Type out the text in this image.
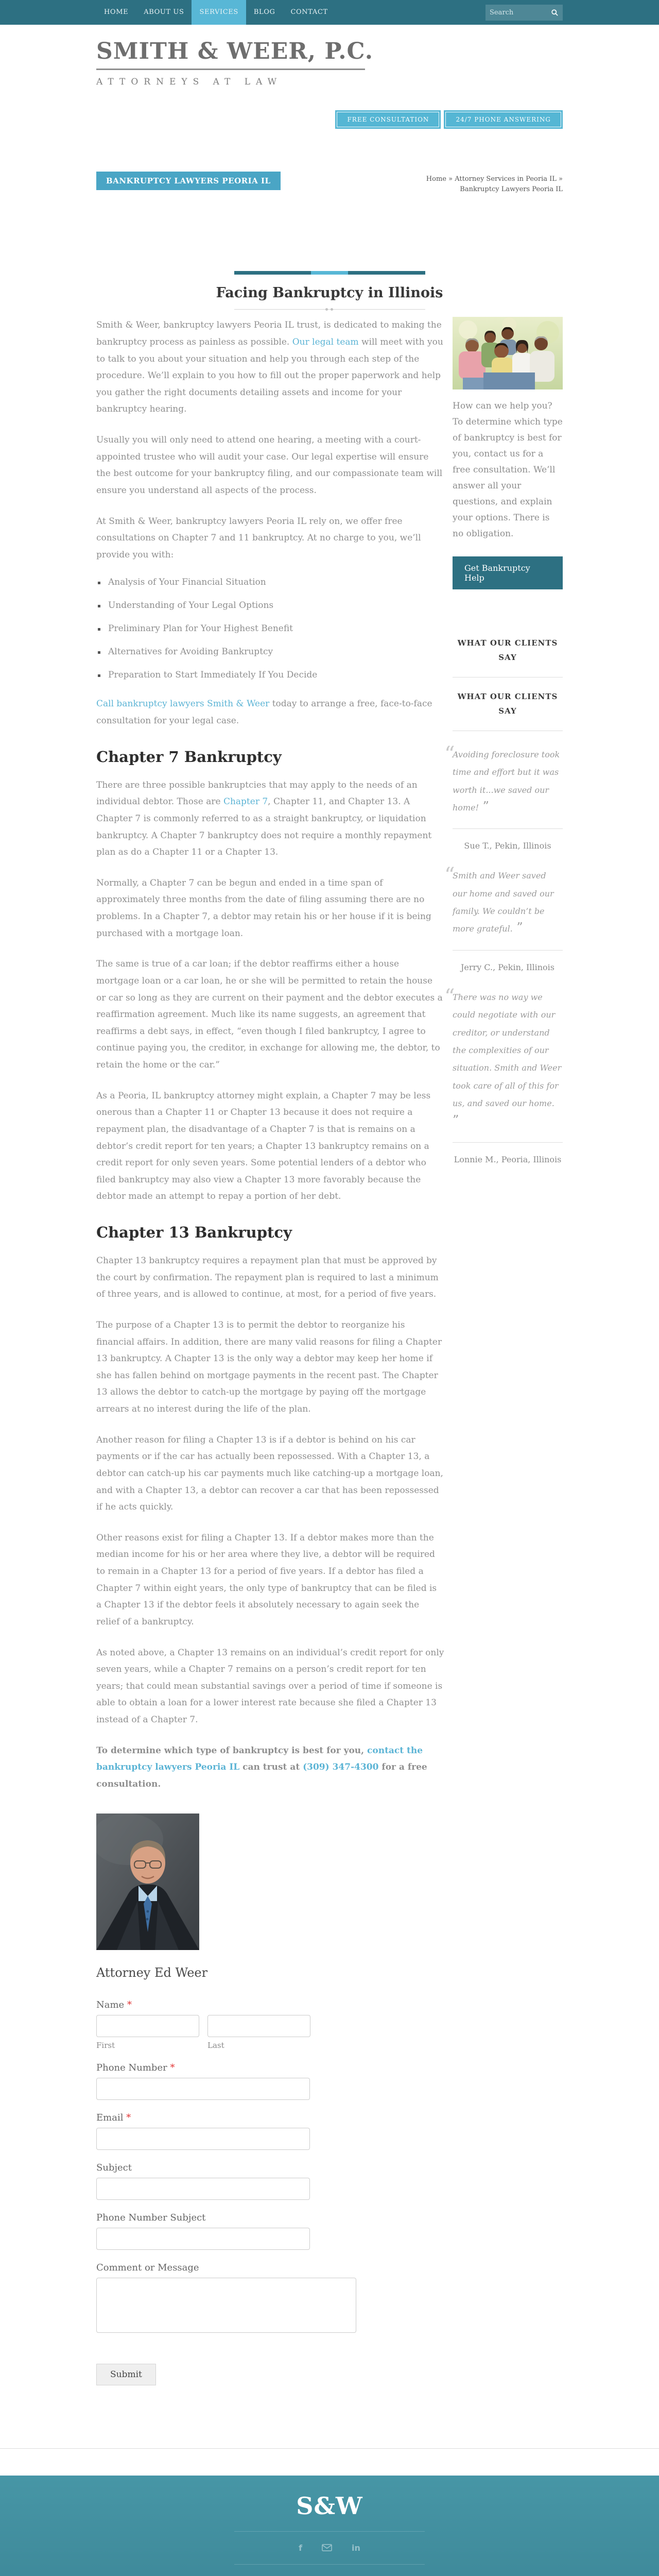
HOME	ABOUT US	SERVICES	BLOG	CONTACT
Search
SMITH & WEER, P.C.
ATTORNEYS AT LAW
FREE CONSULTATION	24/7 PHONE ANSWERING
BANKRUPTCY LAWYERS PEORIA IL	Home » Attorney Services in Peoria IL » Bankruptcy Lawyers Peoria IL
Facing Bankruptcy in Illinois

Smith & Weer, bankruptcy lawyers Peoria IL trust, is dedicated to making the bankruptcy process as painless as possible. Our legal team will meet with you to talk to you about your situation and help you through each step of the procedure. We’ll explain to you how to fill out the proper paperwork and help you gather the right documents detailing assets and income for your bankruptcy hearing.

Usually you will only need to attend one hearing, a meeting with a court-appointed trustee who will audit your case. Our legal expertise will ensure the best outcome for your bankruptcy filing, and our compassionate team will ensure you understand all aspects of the process.

At Smith & Weer, bankruptcy lawyers Peoria IL rely on, we offer free consultations on Chapter 7 and 11 bankruptcy. At no charge to you, we’ll provide you with:

Analysis of Your Financial Situation
Understanding of Your Legal Options
Preliminary Plan for Your Highest Benefit
Alternatives for Avoiding Bankruptcy
Preparation to Start Immediately If You Decide

Call bankruptcy lawyers Smith & Weer today to arrange a free, face-to-face consultation for your legal case.

Chapter 7 Bankruptcy

There are three possible bankruptcies that may apply to the needs of an individual debtor. Those are Chapter 7, Chapter 11, and Chapter 13. A Chapter 7 is commonly referred to as a straight bankruptcy, or liquidation bankruptcy. A Chapter 7 bankruptcy does not require a monthly repayment plan as do a Chapter 11 or a Chapter 13.

Normally, a Chapter 7 can be begun and ended in a time span of approximately three months from the date of filing assuming there are no problems. In a Chapter 7, a debtor may retain his or her house if it is being purchased with a mortgage loan.

The same is true of a car loan; if the debtor reaffirms either a house mortgage loan or a car loan, he or she will be permitted to retain the house or car so long as they are current on their payment and the debtor executes a reaffirmation agreement. Much like its name suggests, an agreement that reaffirms a debt says, in effect, “even though I filed bankruptcy, I agree to continue paying you, the creditor, in exchange for allowing me, the debtor, to retain the home or the car.”

As a Peoria, IL bankruptcy attorney might explain, a Chapter 7 may be less onerous than a Chapter 11 or Chapter 13 because it does not require a repayment plan, the disadvantage of a Chapter 7 is that is remains on a debtor’s credit report for ten years; a Chapter 13 bankruptcy remains on a credit report for only seven years. Some potential lenders of a debtor who filed bankruptcy may also view a Chapter 13 more favorably because the debtor made an attempt to repay a portion of her debt.

Chapter 13 Bankruptcy

Chapter 13 bankruptcy requires a repayment plan that must be approved by the court by confirmation. The repayment plan is required to last a minimum of three years, and is allowed to continue, at most, for a period of five years.

The purpose of a Chapter 13 is to permit the debtor to reorganize his financial affairs. In addition, there are many valid reasons for filing a Chapter 13 bankruptcy. A Chapter 13 is the only way a debtor may keep her home if she has fallen behind on mortgage payments in the recent past. The Chapter 13 allows the debtor to catch-up the mortgage by paying off the mortgage arrears at no interest during the life of the plan.

Another reason for filing a Chapter 13 is if a debtor is behind on his car payments or if the car has actually been repossessed. With a Chapter 13, a debtor can catch-up his car payments much like catching-up a mortgage loan, and with a Chapter 13, a debtor can recover a car that has been repossessed if he acts quickly.

Other reasons exist for filing a Chapter 13. If a debtor makes more than the median income for his or her area where they live, a debtor will be required to remain in a Chapter 13 for a period of five years. If a debtor has filed a Chapter 7 within eight years, the only type of bankruptcy that can be filed is a Chapter 13 if the debtor feels it absolutely necessary to again seek the relief of a bankruptcy.

As noted above, a Chapter 13 remains on an individual’s credit report for only seven years, while a Chapter 7 remains on a person’s credit report for ten years; that could mean substantial savings over a period of time if someone is able to obtain a loan for a lower interest rate because she filed a Chapter 13 instead of a Chapter 7.

To determine which type of bankruptcy is best for you, contact the bankruptcy lawyers Peoria IL can trust at (309) 347-4300 for a free consultation.

Attorney Ed Weer
Name *
First	Last
Phone Number *
Email *
Subject
Phone Number Subject
Comment or Message
Submit
How can we help you? To determine which type of bankruptcy is best for you, contact us for a free consultation. We’ll answer all your questions, and explain your options. There is no obligation.
Get Bankruptcy Help
WHAT OUR CLIENTS SAY
WHAT OUR CLIENTS SAY
“
Avoiding foreclosure took time and effort but it was worth it...we saved our home! ”
Sue T., Pekin, Illinois
“
Smith and Weer saved our home and saved our family. We couldn’t be more grateful. ”
Jerry C., Pekin, Illinois
“
There was no way we could negotiate with our creditor, or understand the complexities of our situation. Smith and Weer took care of all of this for us, and saved our home. ”
Lonnie M., Peoria, Illinois
S&W
f	in
